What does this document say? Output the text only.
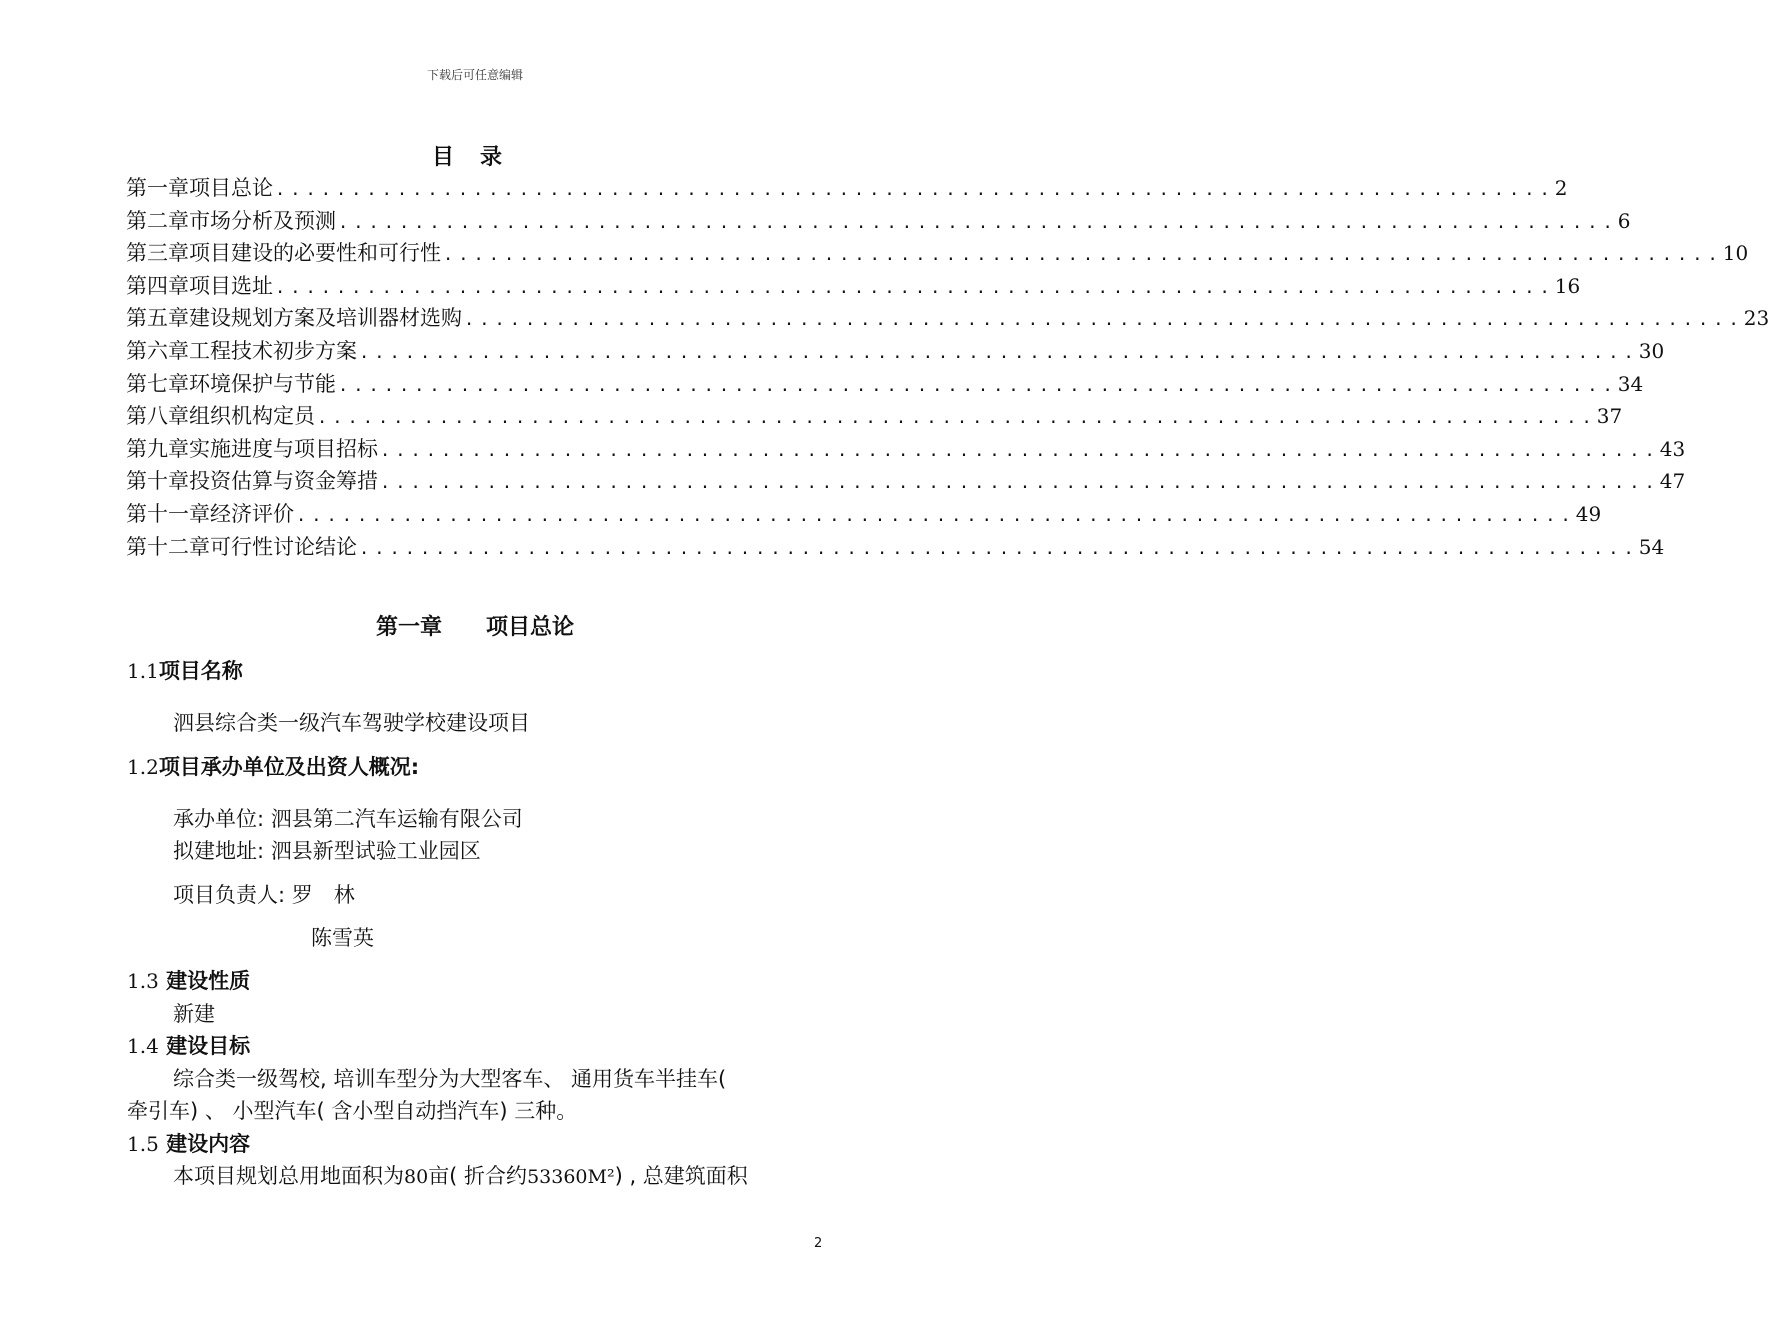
下载后可任意编辑
目录
第一章 项目总论 .................................................................................... 2
第二章 市场分析及预测 .................................................................................... 6
第三章 项目建设的必要性和可行性 .................................................................................... 10
第四章 项目选址 .................................................................................... 16
第五章 建设规划方案及培训器材选购 .................................................................................... 23
第六章 工程技术初步方案 .................................................................................... 30
第七章 环境保护与节能 .................................................................................... 34
第八章 组织机构定员 .................................................................................... 37
第九章 实施进度与项目招标 .................................................................................... 43
第十章 投资估算与资金筹措 .................................................................................... 47
第十一章 经济评价 .................................................................................... 49
第十二章 可行性讨论结论 .................................................................................... 54
第一章　　项目总论
1.1项目名称
泗县综合类一级汽车驾驶学校建设项目
1.2项目承办单位及出资人概况:
承办单位: 泗县第二汽车运输有限公司
拟建地址: 泗县新型试验工业园区
项目负责人: 罗　林
陈雪英
1.3 建设性质
新建
1.4 建设目标
综合类一级驾校, 培训车型分为大型客车、 通用货车半挂车(
牵引车) 、 小型汽车( 含小型自动挡汽车) 三种。
1.5 建设内容
本项目规划总用地面积为80亩( 折合约53360M²) , 总建筑面积
2
